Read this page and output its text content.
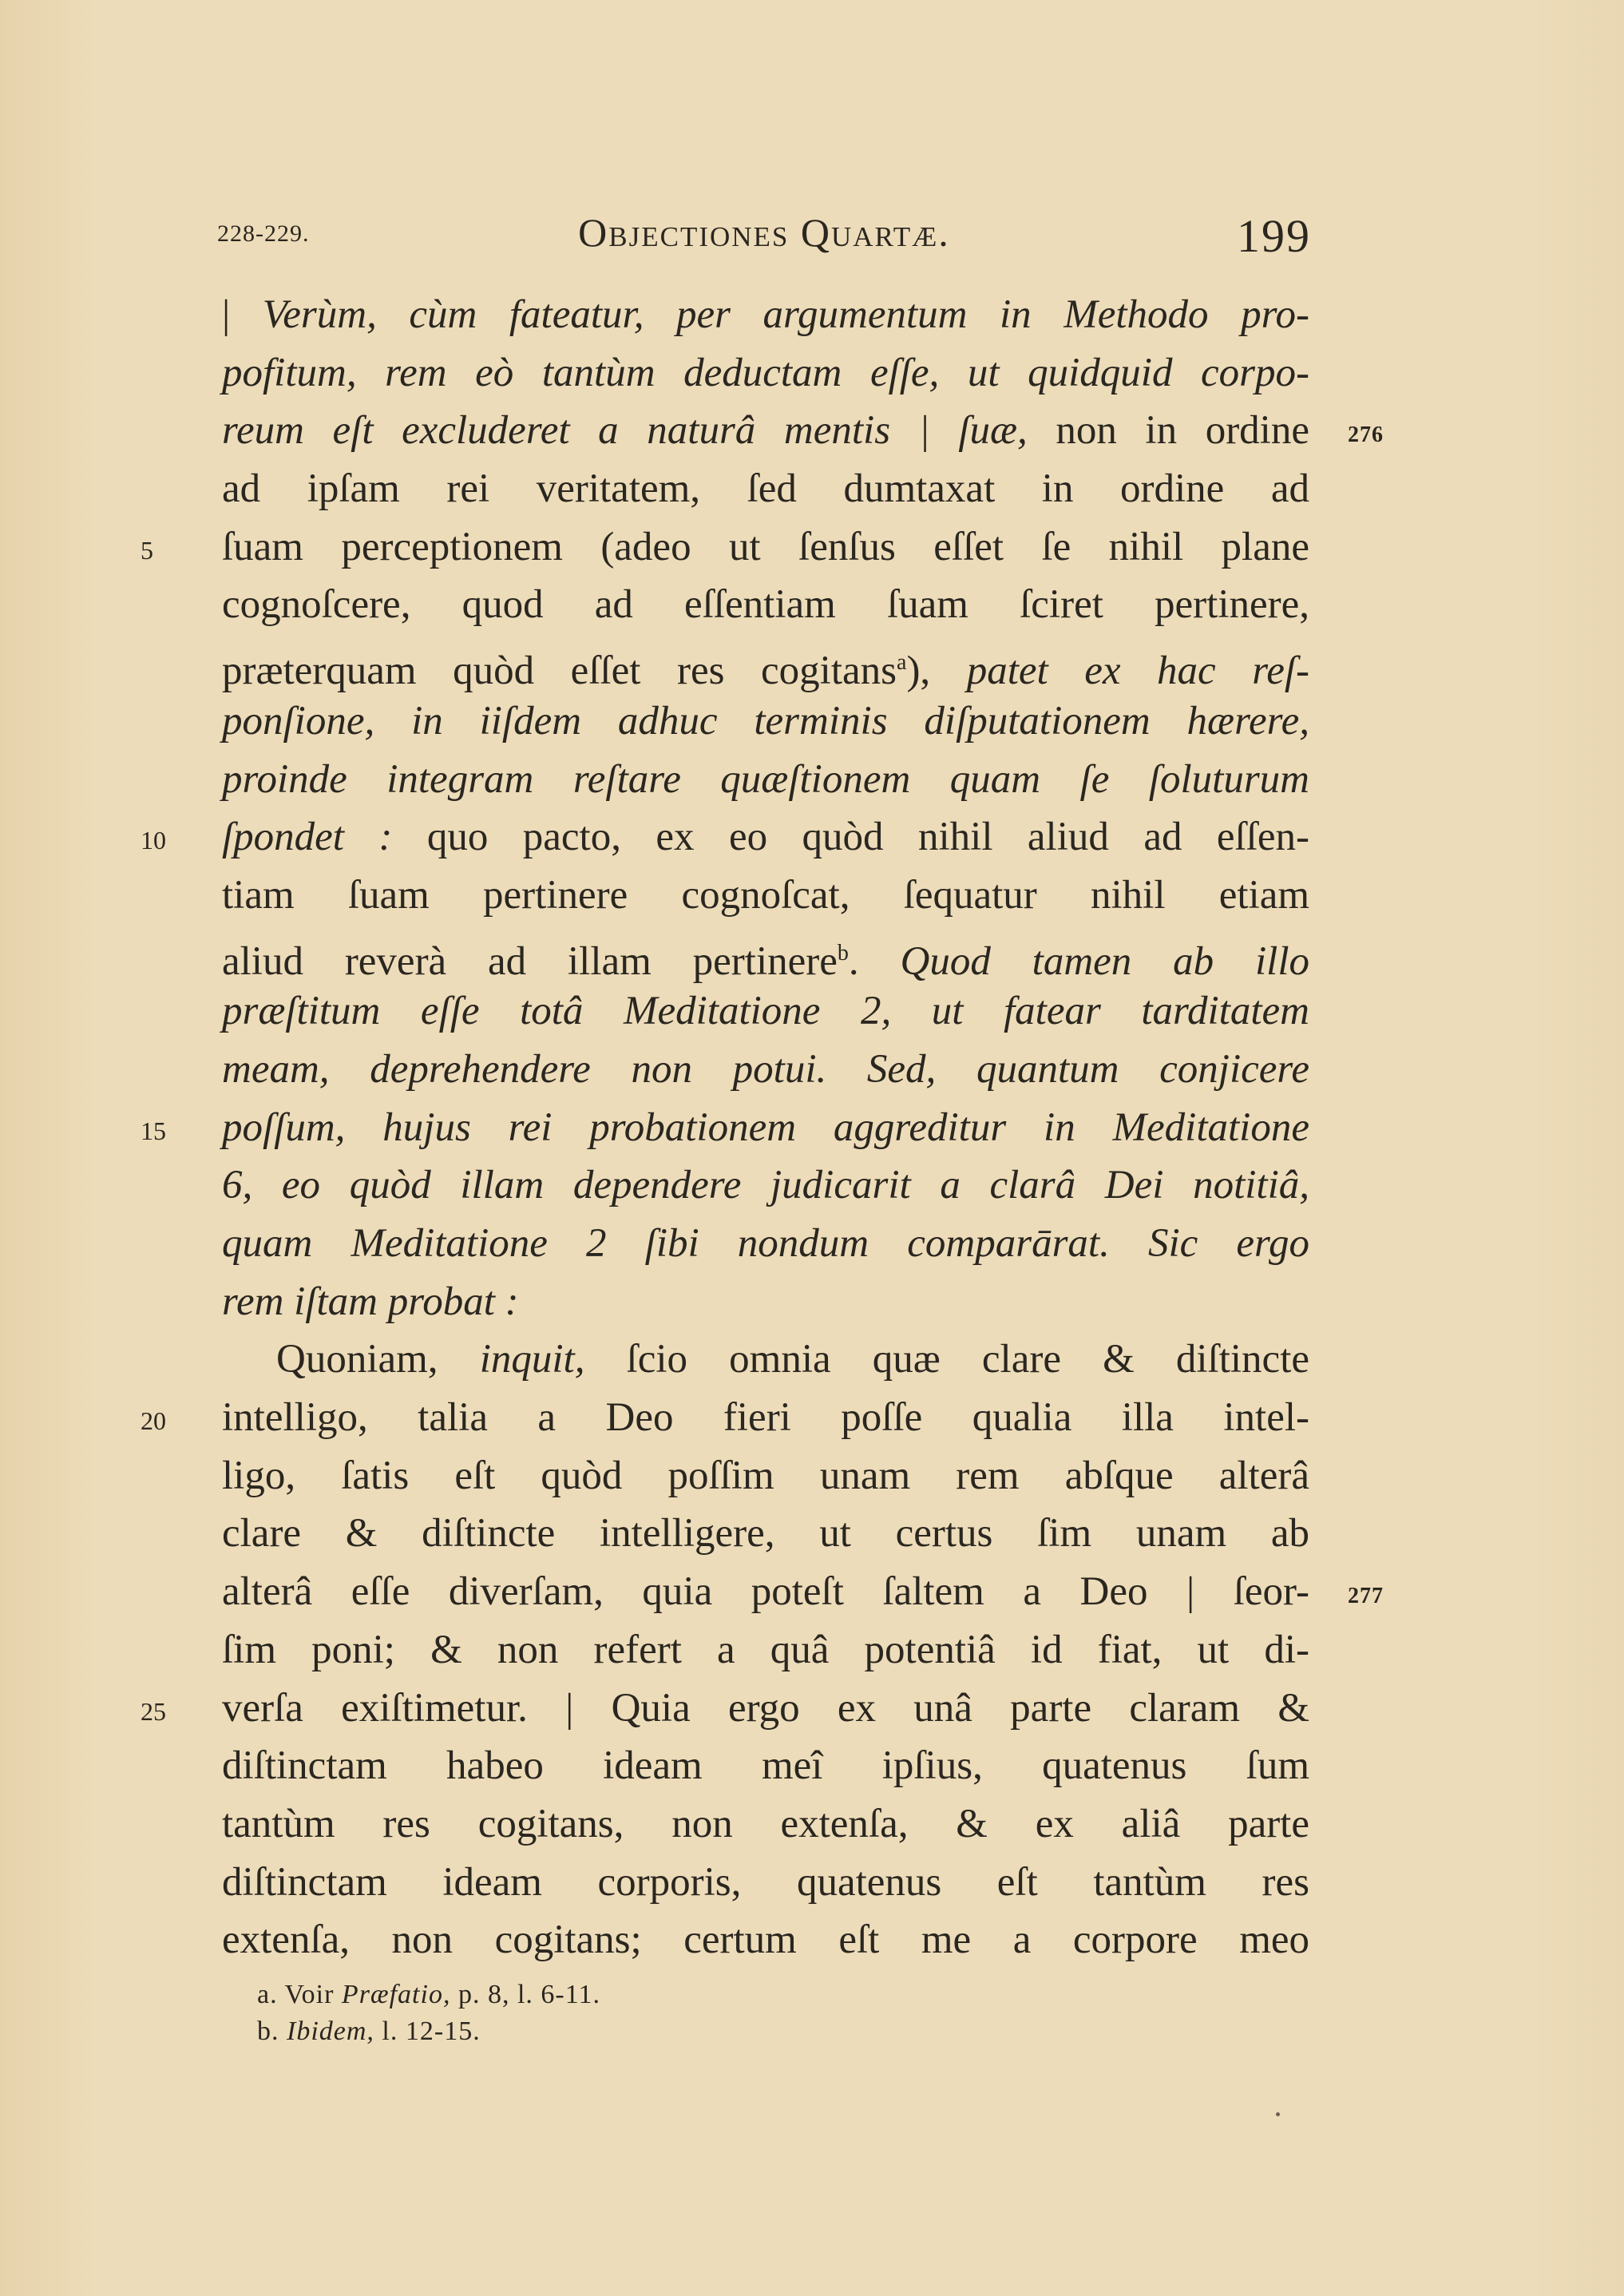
228-229.	Objectiones Quartæ.	199
| Verùm, cùm fateatur, per argumentum in Methodo pro-
pofitum, rem eò tantùm deductam eſſe, ut quidquid corpo-
276
reum eſt excluderet a naturâ mentis | ſuæ, non in ordine
ad ipſam rei veritatem, ſed dumtaxat in ordine ad
5	ſuam perceptionem (adeo ut ſenſus eſſet ſe nihil plane
cognoſcere, quod ad eſſentiam ſuam ſciret pertinere,
præterquam quòd eſſet res cogitans$^a$), patet ex hac reſ-
ponſione, in iiſdem adhuc terminis diſputationem hærere,
proinde integram reſtare quæſtionem quam ſe ſoluturum
10	ſpondet : quo pacto, ex eo quòd nihil aliud ad eſſen-
tiam ſuam pertinere cognoſcat, ſequatur nihil etiam
aliud reverà ad illam pertinere$^b$. Quod tamen ab illo
præſtitum eſſe totâ Meditatione 2, ut fatear tarditatem
meam, deprehendere non potui. Sed, quantum conjicere
15	poſſum, hujus rei probationem aggreditur in Meditatione
6, eo quòd illam dependere judicarit a clarâ Dei notitiâ,
quam Meditatione 2 ſibi nondum comparārat. Sic ergo
rem iſtam probat :
Quoniam, inquit, ſcio omnia quæ clare & diſtincte
20	intelligo, talia a Deo fieri poſſe qualia illa intel-
ligo, ſatis eſt quòd poſſim unam rem abſque alterâ
clare & diſtincte intelligere, ut certus ſim unam ab
277
alterâ eſſe diverſam, quia poteſt ſaltem a Deo | ſeor-
ſim poni; & non refert a quâ potentiâ id fiat, ut di-
25	verſa exiſtimetur. | Quia ergo ex unâ parte claram &
diſtinctam habeo ideam meî ipſius, quatenus ſum
tantùm res cogitans, non extenſa, & ex aliâ parte
diſtinctam ideam corporis, quatenus eſt tantùm res
extenſa, non cogitans; certum eſt me a corpore meo
a. Voir Præfatio, p. 8, l. 6-11.
b. Ibidem, l. 12-15.
